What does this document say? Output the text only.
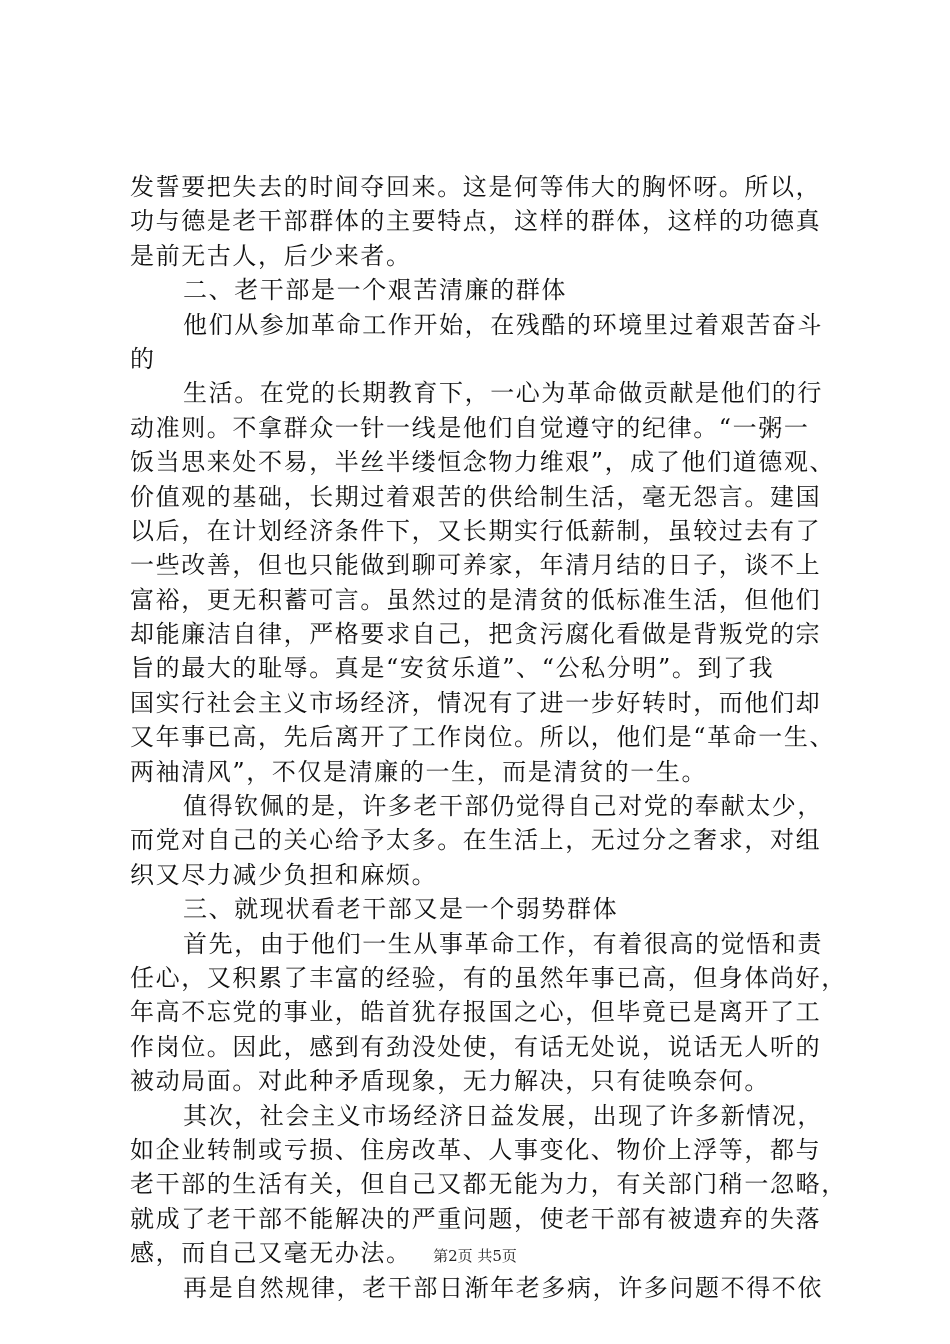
发誓要把失去的时间夺回来。这是何等伟大的胸怀呀。所以，
功与德是老干部群体的主要特点，这样的群体，这样的功德真
是前无古人，后少来者。
二、老干部是一个艰苦清廉的群体
他们从参加革命工作开始，在残酷的环境里过着艰苦奋斗
的
生活。在党的长期教育下，一心为革命做贡献是他们的行
动准则。不拿群众一针一线是他们自觉遵守的纪律。“一粥一
饭当思来处不易，半丝半缕恒念物力维艰”，成了他们道德观、
价值观的基础，长期过着艰苦的供给制生活，毫无怨言。建国
以后，在计划经济条件下，又长期实行低薪制，虽较过去有了
一些改善，但也只能做到聊可养家，年清月结的日子，谈不上
富裕，更无积蓄可言。虽然过的是清贫的低标准生活，但他们
却能廉洁自律，严格要求自己，把贪污腐化看做是背叛党的宗
旨的最大的耻辱。真是“安贫乐道”、“公私分明”。到了我
国实行社会主义市场经济，情况有了进一步好转时，而他们却
又年事已高，先后离开了工作岗位。所以，他们是“革命一生、
两袖清风”，不仅是清廉的一生，而是清贫的一生。
值得钦佩的是，许多老干部仍觉得自己对党的奉献太少，
而党对自己的关心给予太多。在生活上，无过分之奢求，对组
织又尽力减少负担和麻烦。
三、就现状看老干部又是一个弱势群体
首先，由于他们一生从事革命工作，有着很高的觉悟和责
任心，又积累了丰富的经验，有的虽然年事已高，但身体尚好，
年高不忘党的事业，皓首犹存报国之心，但毕竟已是离开了工
作岗位。因此，感到有劲没处使，有话无处说，说话无人听的
被动局面。对此种矛盾现象，无力解决，只有徒唤奈何。
其次，社会主义市场经济日益发展，出现了许多新情况，
如企业转制或亏损、住房改革、人事变化、物价上浮等，都与
老干部的生活有关，但自己又都无能为力，有关部门稍一忽略，
就成了老干部不能解决的严重问题，使老干部有被遗弃的失落
感，而自己又毫无办法。
再是自然规律，老干部日渐年老多病，许多问题不得不依
第2页 共5页
